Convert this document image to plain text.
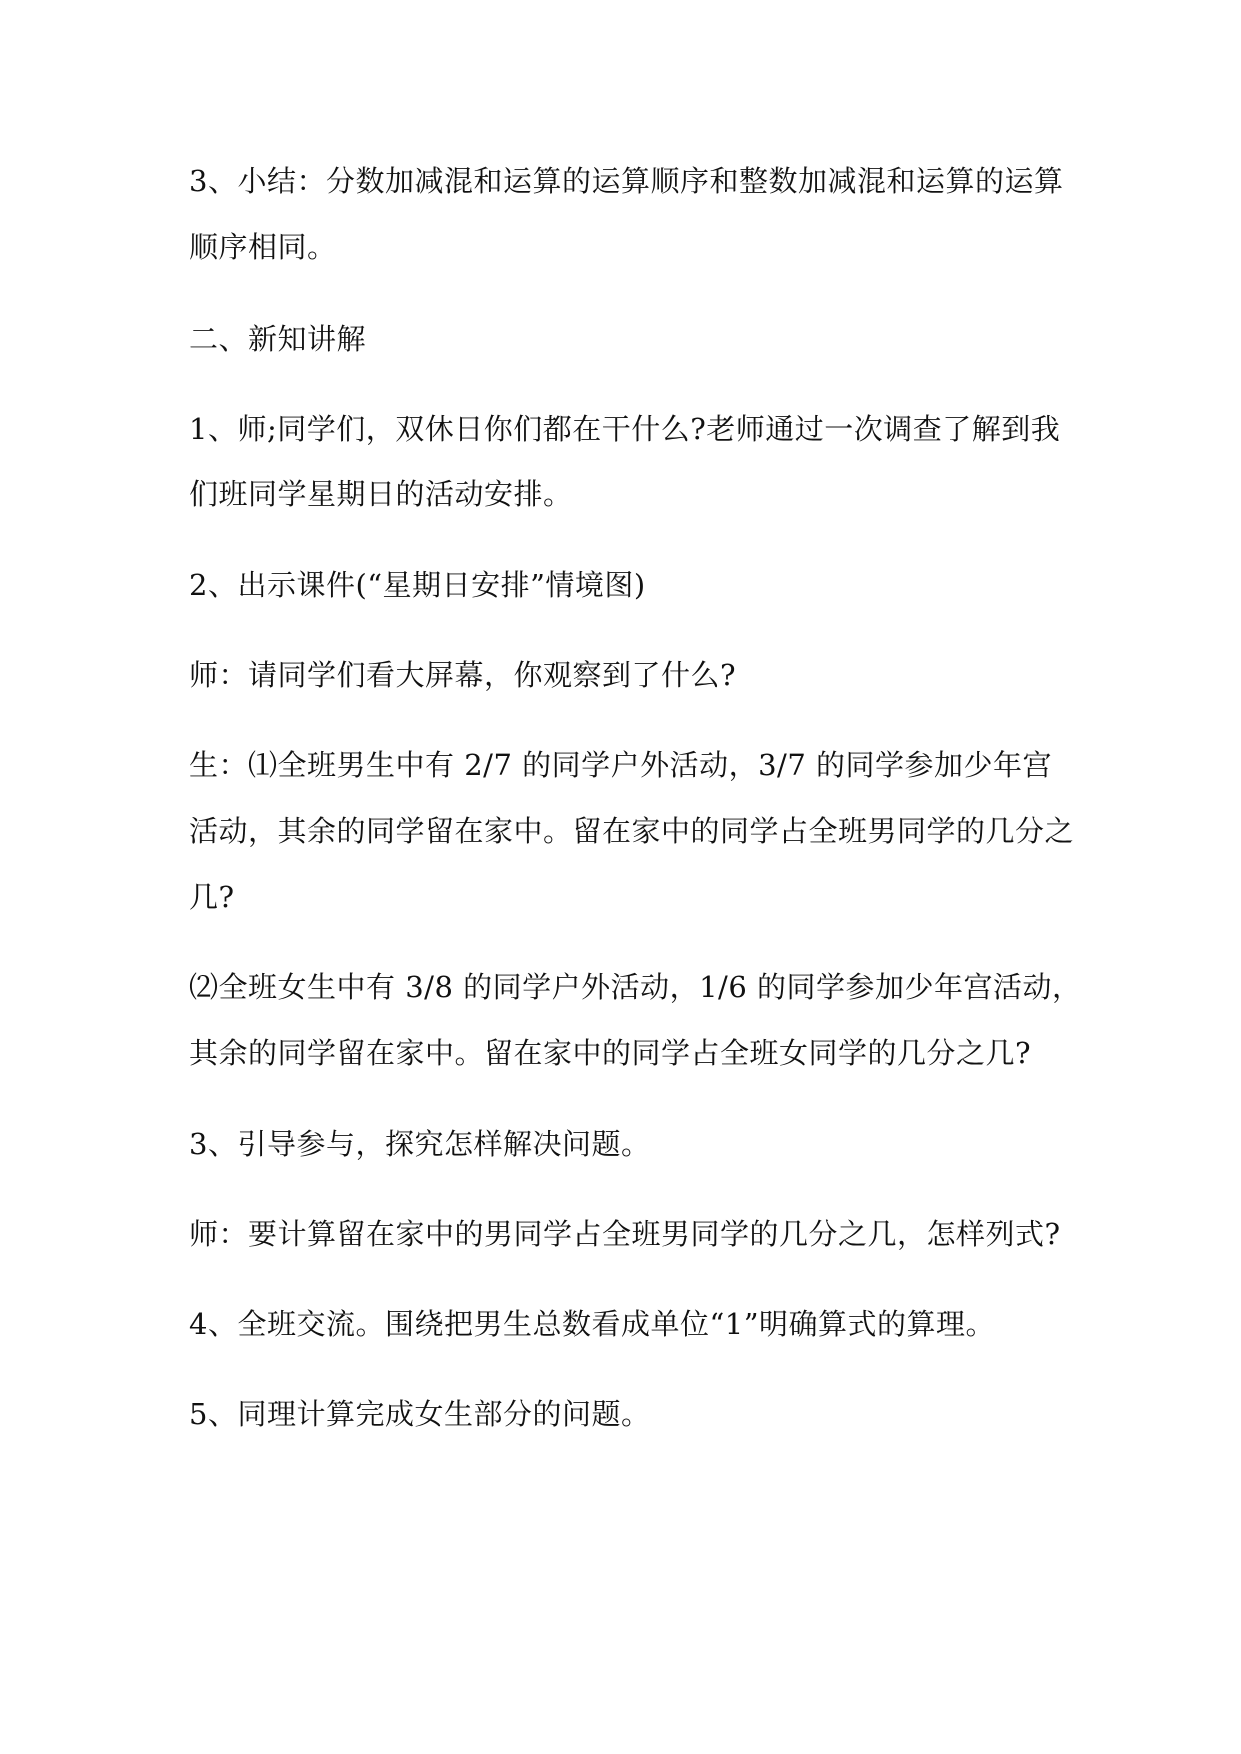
3、小结：分数加减混和运算的运算顺序和整数加减混和运算的运算
顺序相同。
二、新知讲解
1、师;同学们，双休日你们都在干什么?老师通过一次调查了解到我
们班同学星期日的活动安排。
2、出示课件(“星期日安排”情境图)
师：请同学们看大屏幕，你观察到了什么?
生：⑴全班男生中有 2/7 的同学户外活动，3/7 的同学参加少年宫
活动，其余的同学留在家中。留在家中的同学占全班男同学的几分之
几?
⑵全班女生中有 3/8 的同学户外活动，1/6 的同学参加少年宫活动，
其余的同学留在家中。留在家中的同学占全班女同学的几分之几?
3、引导参与，探究怎样解决问题。
师：要计算留在家中的男同学占全班男同学的几分之几，怎样列式?
4、全班交流。围绕把男生总数看成单位“1”明确算式的算理。
5、同理计算完成女生部分的问题。
